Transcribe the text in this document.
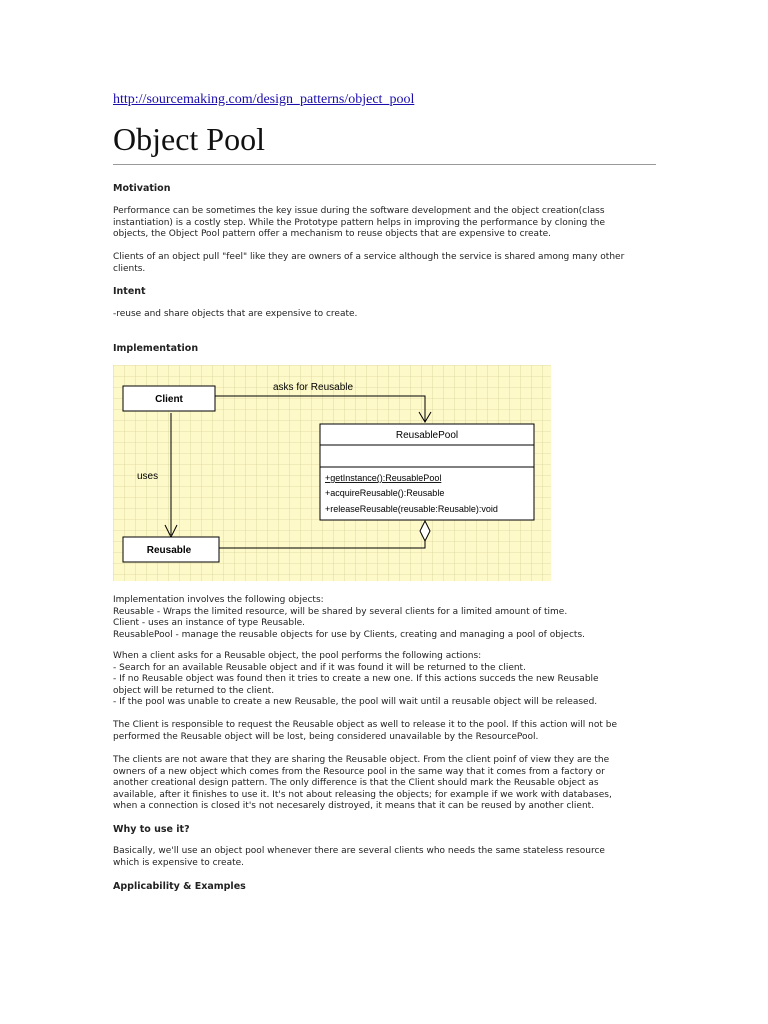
http://sourcemaking.com/design_patterns/object_pool
Object Pool
Motivation
Performance can be sometimes the key issue during the software development and the object creation(class
instantiation) is a costly step. While the Prototype pattern helps in improving the performance by cloning the
objects, the Object Pool pattern offer a mechanism to reuse objects that are expensive to create.
Clients of an object pull "feel" like they are owners of a service although the service is shared among many other
clients.
Intent
-reuse and share objects that are expensive to create.
Implementation
asks for Reusable
uses
Client
ReusablePool
+getInstance():ReusablePool
+acquireReusable():Reusable
+releaseReusable(reusable:Reusable):void
Reusable
Implementation involves the following objects:
Reusable - Wraps the limited resource, will be shared by several clients for a limited amount of time.
Client - uses an instance of type Reusable.
ReusablePool - manage the reusable objects for use by Clients, creating and managing a pool of objects.
When a client asks for a Reusable object, the pool performs the following actions:
- Search for an available Reusable object and if it was found it will be returned to the client.
- If no Reusable object was found then it tries to create a new one. If this actions succeds the new Reusable
object will be returned to the client.
- If the pool was unable to create a new Reusable, the pool will wait until a reusable object will be released.
The Client is responsible to request the Reusable object as well to release it to the pool. If this action will not be
performed the Reusable object will be lost, being considered unavailable by the ResourcePool.
The clients are not aware that they are sharing the Reusable object. From the client poinf of view they are the
owners of a new object which comes from the Resource pool in the same way that it comes from a factory or
another creational design pattern. The only difference is that the Client should mark the Reusable object as
available, after it finishes to use it. It's not about releasing the objects; for example if we work with databases,
when a connection is closed it's not necesarely distroyed, it means that it can be reused by another client.
Why to use it?
Basically, we'll use an object pool whenever there are several clients who needs the same stateless resource
which is expensive to create.
Applicability & Examples
